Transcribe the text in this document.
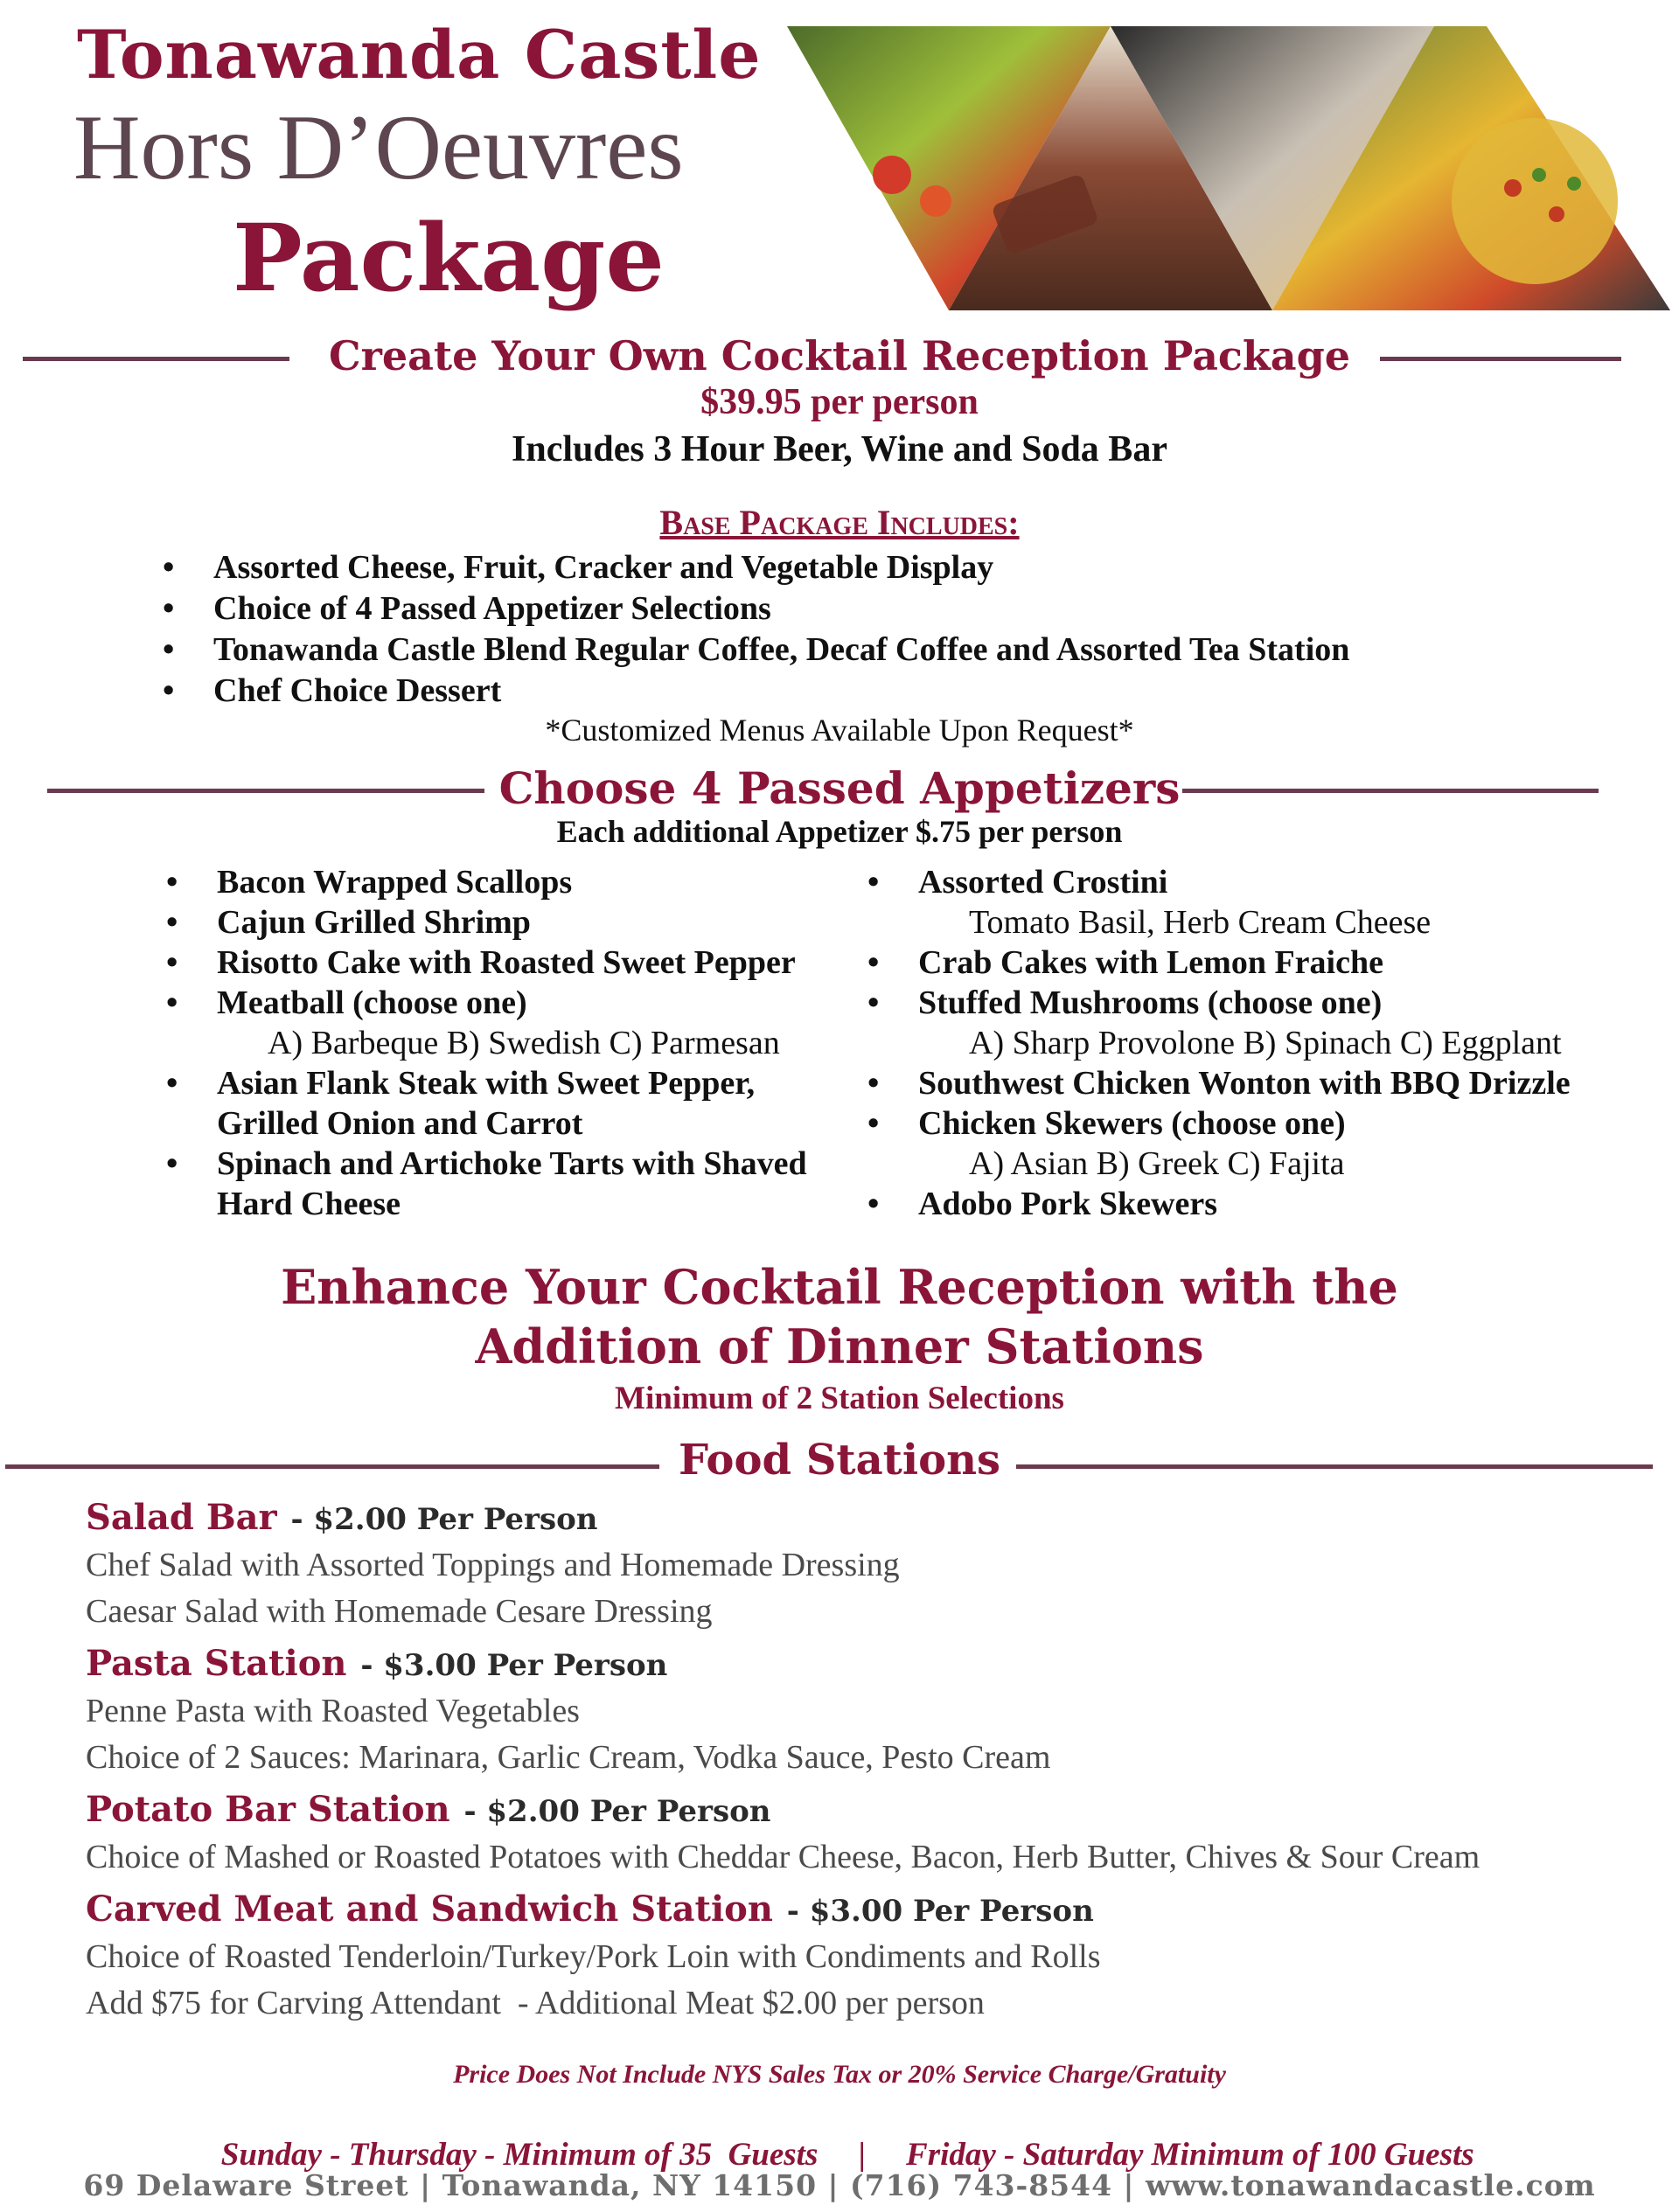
Tonawanda Castle
Hors D’Oeuvres
Package
Create Your Own Cocktail Reception Package
$39.95 per person
Includes 3 Hour Beer, Wine and Soda Bar
Base Package Includes:
• Assorted Cheese, Fruit, Cracker and Vegetable Display
• Choice of 4 Passed Appetizer Selections
• Tonawanda Castle Blend Regular Coffee, Decaf Coffee and Assorted Tea Station
• Chef Choice Dessert
*Customized Menus Available Upon Request*
Choose 4 Passed Appetizers
Each additional Appetizer $.75 per person
• Bacon Wrapped Scallops
• Cajun Grilled Shrimp
• Risotto Cake with Roasted Sweet Pepper
• Meatball (choose one)
A) Barbeque B) Swedish C) Parmesan
• Asian Flank Steak with Sweet Pepper,
Grilled Onion and Carrot
• Spinach and Artichoke Tarts with Shaved
Hard Cheese
• Assorted Crostini
Tomato Basil, Herb Cream Cheese
• Crab Cakes with Lemon Fraiche
• Stuffed Mushrooms (choose one)
A) Sharp Provolone B) Spinach C) Eggplant
• Southwest Chicken Wonton with BBQ Drizzle
• Chicken Skewers (choose one)
A) Asian B) Greek C) Fajita
• Adobo Pork Skewers
Enhance Your Cocktail Reception with the
Addition of Dinner Stations
Minimum of 2 Station Selections
Food Stations
Salad Bar - $2.00 Per Person
Chef Salad with Assorted Toppings and Homemade Dressing
Caesar Salad with Homemade Cesare Dressing
Pasta Station - $3.00 Per Person
Penne Pasta with Roasted Vegetables
Choice of 2 Sauces: Marinara, Garlic Cream, Vodka Sauce, Pesto Cream
Potato Bar Station - $2.00 Per Person
Choice of Mashed or Roasted Potatoes with Cheddar Cheese, Bacon, Herb Butter, Chives & Sour Cream
Carved Meat and Sandwich Station - $3.00 Per Person
Choice of Roasted Tenderloin/Turkey/Pork Loin with Condiments and Rolls
Add $75 for Carving Attendant  - Additional Meat $2.00 per person
Price Does Not Include NYS Sales Tax or 20% Service Charge/Gratuity

Sunday - Thursday - Minimum of 35  Guests | Friday - Saturday Minimum of 100 Guests

69 Delaware Street | Tonawanda, NY 14150 | (716) 743-8544 | www.tonawandacastle.com
